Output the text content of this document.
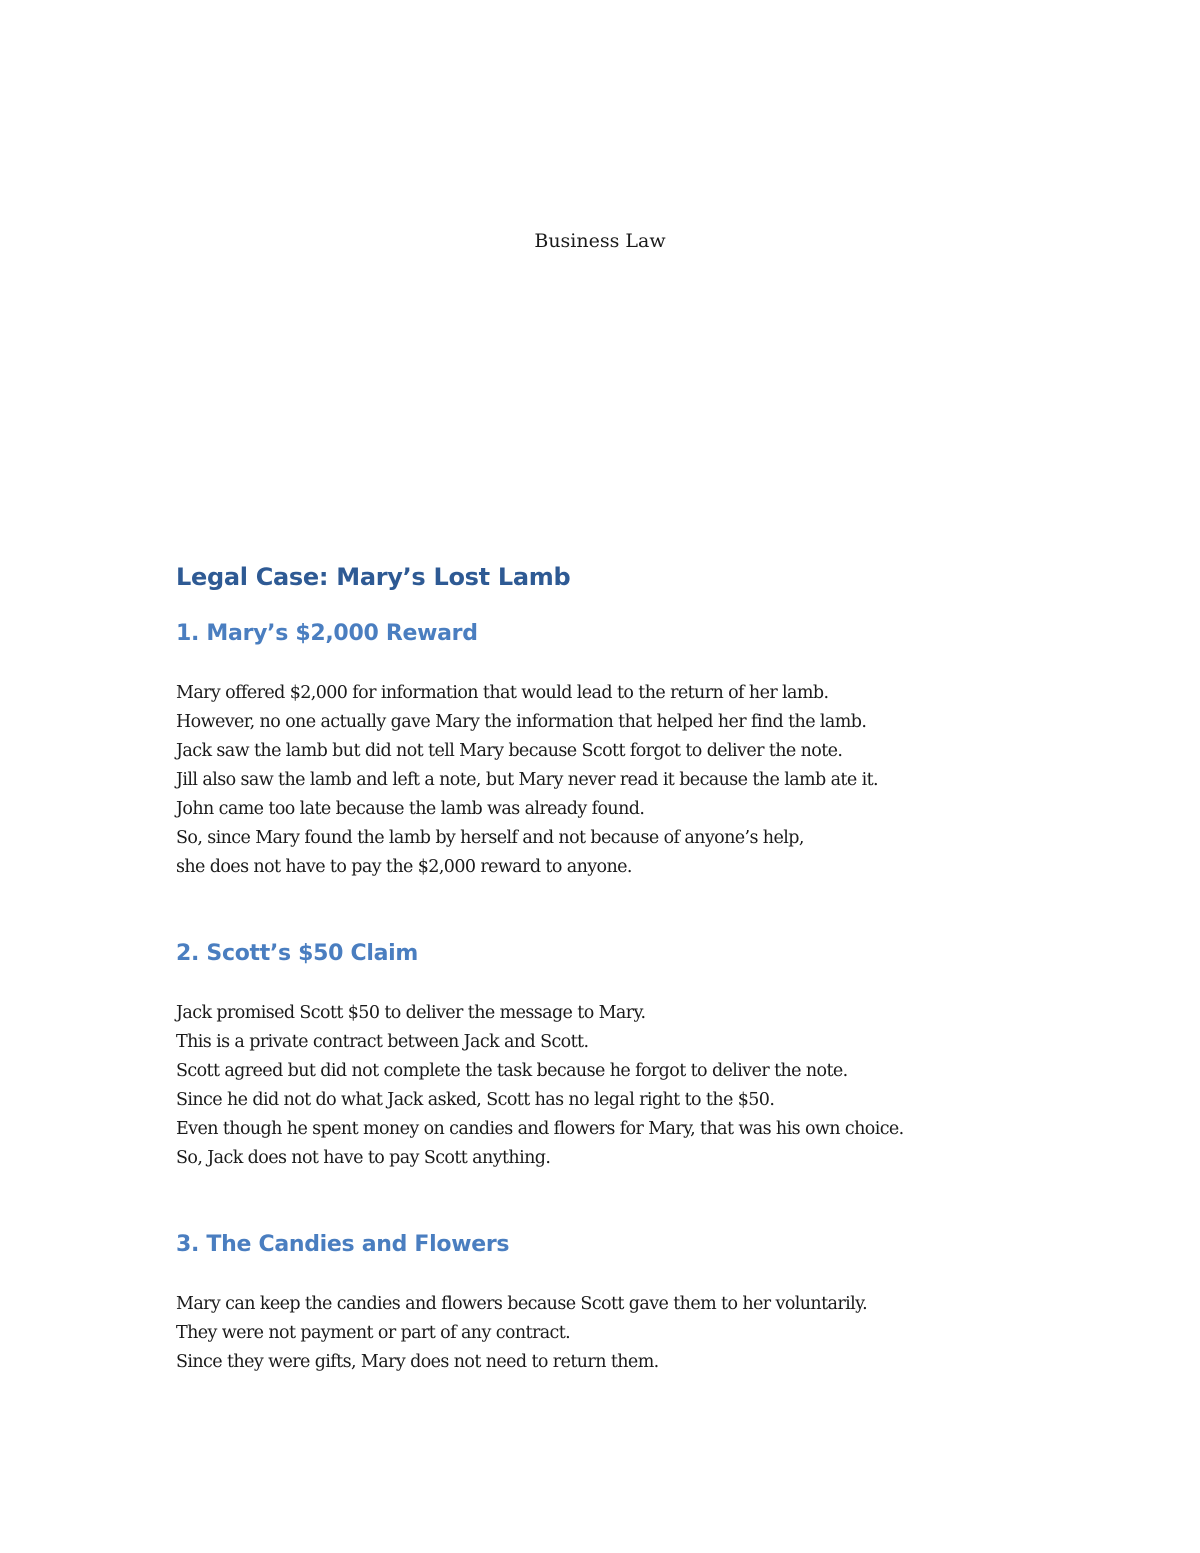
Business Law

Legal Case: Mary’s Lost Lamb
1. Mary’s $2,000 Reward
Mary offered $2,000 for information that would lead to the return of her lamb.
However, no one actually gave Mary the information that helped her find the lamb.
Jack saw the lamb but did not tell Mary because Scott forgot to deliver the note.
Jill also saw the lamb and left a note, but Mary never read it because the lamb ate it.
John came too late because the lamb was already found.
So, since Mary found the lamb by herself and not because of anyone’s help,
she does not have to pay the $2,000 reward to anyone.
2. Scott’s $50 Claim
Jack promised Scott $50 to deliver the message to Mary.
This is a private contract between Jack and Scott.
Scott agreed but did not complete the task because he forgot to deliver the note.
Since he did not do what Jack asked, Scott has no legal right to the $50.
Even though he spent money on candies and flowers for Mary, that was his own choice.
So, Jack does not have to pay Scott anything.
3. The Candies and Flowers
Mary can keep the candies and flowers because Scott gave them to her voluntarily.
They were not payment or part of any contract.
Since they were gifts, Mary does not need to return them.
